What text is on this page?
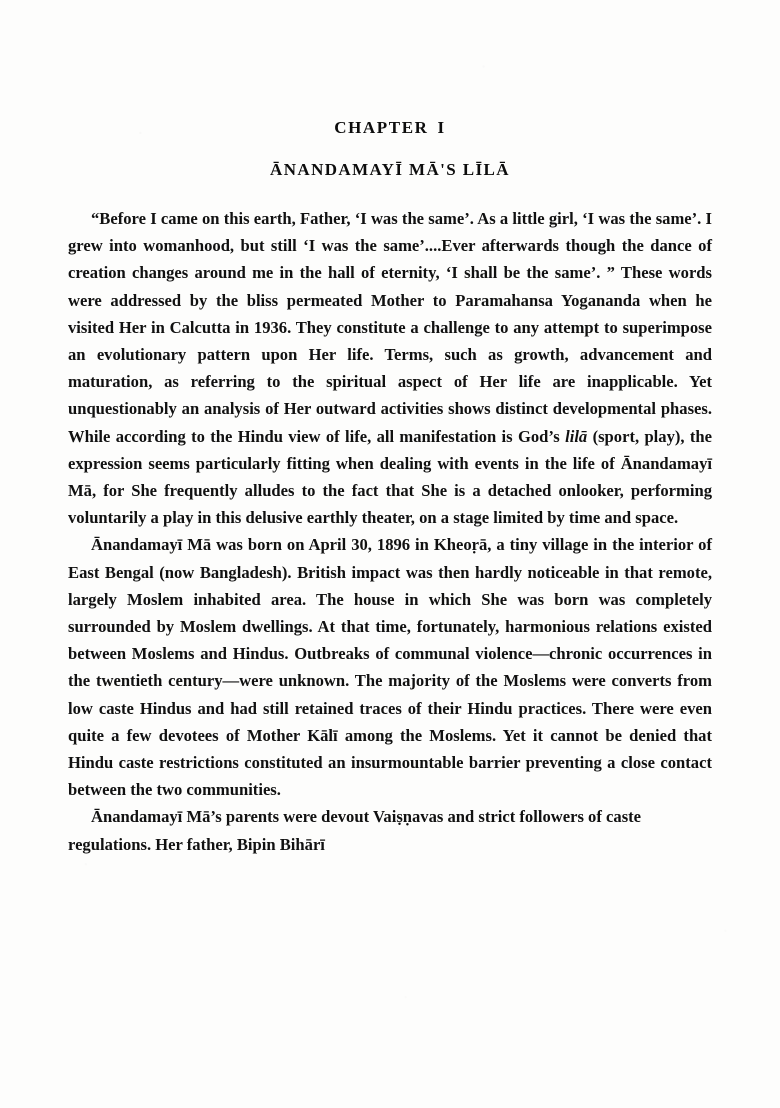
CHAPTER I
ĀNANDAMAYĪ MĀ'S LĪLĀ

“Before I came on this earth, Father, ‘I was the same’. As a little girl, ‘I was the same’. I grew into womanhood, but still ‘I was the same’....Ever afterwards though the dance of creation changes around me in the hall of eternity, ‘I shall be the same’. ” These words were addressed by the bliss permeated Mother to Paramahansa Yogananda when he visited Her in Calcutta in 1936. They constitute a challenge to any attempt to superimpose an evolutionary pattern upon Her life. Terms, such as growth, advancement and maturation, as referring to the spiritual aspect of Her life are inapplicable. Yet unquestionably an analysis of Her outward activities shows distinct developmental phases. While according to the Hindu view of life, all manifestation is God’s lilā (sport, play), the expression seems particularly fitting when dealing with events in the life of Ānandamayī Mā, for She frequently alludes to the fact that She is a detached onlooker, performing voluntarily a play in this delusive earthly theater, on a stage limited by time and space.

Ānandamayī Mā was born on April 30, 1896 in Kheoṛā, a tiny village in the interior of East Bengal (now Bangladesh). British impact was then hardly noticeable in that remote, largely Moslem inhabited area. The house in which She was born was completely surrounded by Moslem dwellings. At that time, fortunately, harmonious relations existed between Moslems and Hindus. Outbreaks of communal violence—chronic occurrences in the twentieth century—were unknown. The majority of the Moslems were converts from low caste Hindus and had still retained traces of their Hindu practices. There were even quite a few devotees of Mother Kālī among the Moslems. Yet it cannot be denied that Hindu caste restrictions constituted an insurmountable barrier preventing a close contact between the two communities.

Ānandamayī Mā’s parents were devout Vaiṣṇavas and strict followers of caste regulations. Her father, Bipin Bihārī
